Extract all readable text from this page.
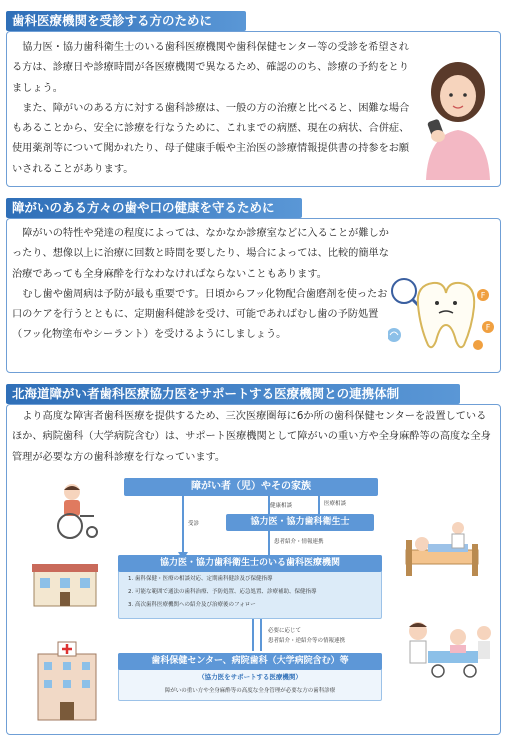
歯科医療機関を受診する方のために

協力医・協力歯科衛生士のいる歯科医療機関や歯科保健センター等の受診を希望される方は、診療日や診療時間が各医療機関で異なるため、確認ののち、診療の予約をとりましょう。

また、障がいのある方に対する歯科診療は、一般の方の治療と比べると、困難な場合もあることから、安全に診療を行なうために、これまでの病歴、現在の病状、合併症、使用薬剤等について聞かれたり、母子健康手帳や主治医の診療情報提供書の持参をお願いされることがあります。

障がいのある方々の歯や口の健康を守るために

障がいの特性や発達の程度によっては、なかなか診療室などに入ることが難しかったり、想像以上に治療に回数と時間を要したり、場合によっては、比較的簡単な治療であっても全身麻酔を行なわなければならないこともあります。

むし歯や歯周病は予防が最も重要です。日頃からフッ化物配合歯磨剤を使ったお口のケアを行うとともに、定期歯科健診を受け、可能であればむし歯の予防処置（フッ化物塗布やシーラント）を受けるようにしましょう。

F
F
北海道障がい者歯科医療協力医をサポートする医療機関との連携体制

より高度な障害者歯科医療を提供するため、三次医療圏毎に6か所の歯科保健センターを設置しているほか、病院歯科（大学病院含む）は、サポート医療機関として障がいの重い方や全身麻酔等の高度な全身管理が必要な方の歯科診療を行なっています。

障がい者（児）やその家族
受診
健康相談	医療相談
協力医・協力歯科衛生士
患者紹介・情報連携
協力医・協力歯科衛生士のいる歯科医療機関
1. 歯科保健・医療の相談対応、定期歯科健診及び保健指導
2. 可能な範囲で通法の歯科治療、予防処置、応急処置、診療補助、保健指導
3. 高次歯科医療機関への紹介及び治療後のフォロー
必要に応じて
患者紹介・逆紹介等の情報連携
歯科保健センター、病院歯科（大学病院含む）等
（協力医をサポートする医療機関）
障がいの重い方や全身麻酔等の高度な全身管理が必要な方の歯科診療
